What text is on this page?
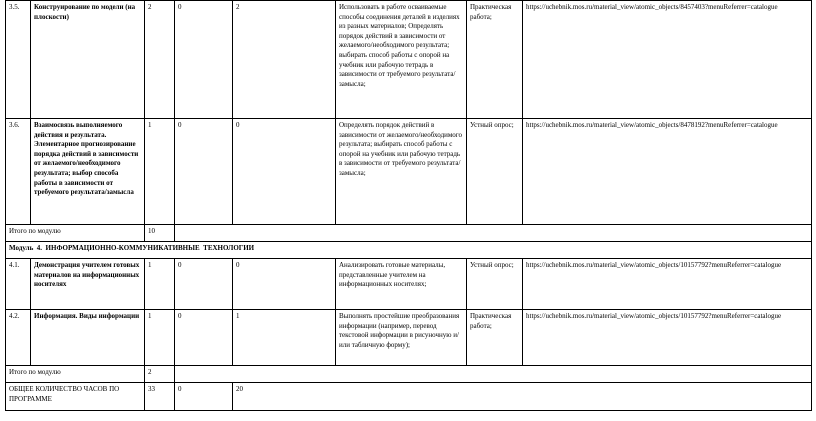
3.5.	Конструирование по модели (на плоскости)	2	0	2	Использовать в работе осваиваемые способы соединения деталей в изделиях из разных материалов; Определять порядок действий в зависимости от желаемого/необходимого результата; выбирать способ работы с опорой на учебник или рабочую тетрадь в зависимости от требуемого результата/замысла;	Практическая работа;	https://uchebnik.mos.ru/material_view/atomic_objects/8457403?menuReferrer=catalogue
3.6.	Взаимосвязь выполняемого действия и результата. Элементарное прогнозирование порядка действий в зависимости от желаемого/необходимого результата; выбор способа работы в зависимости от требуемого результата/замысла	1	0	0	Определять порядок действий в зависимости от желаемого/необходимого результата; выбирать способ работы с опорой на учебник или рабочую тетрадь в зависимости от требуемого результата/замысла;	Устный опрос;	https://uchebnik.mos.ru/material_view/atomic_objects/8478192?menuReferrer=catalogue
Итого по модулю		10					
Модуль  4.  ИНФОРМАЦИОННО-КОММУНИКАТИВНЫЕ  ТЕХНОЛОГИИ							
4.1.	Демонстрация учителем готовых материалов на информационных носителях	1	0	0	Анализировать готовые материалы, представленные учителем на информационных носителях;	Устный опрос;	https://uchebnik.mos.ru/material_view/atomic_objects/10157792?menuReferrer=catalogue
4.2.	Информация. Виды информации	1	0	1	Выполнять простейшие преобразования информации (например, перевод текстовой информации в рисуночную и/или табличную форму);	Практическая работа;	https://uchebnik.mos.ru/material_view/atomic_objects/10157792?menuReferrer=catalogue
Итого по модулю		2					
ОБЩЕЕ КОЛИЧЕСТВО ЧАСОВ ПО ПРОГРАММЕ		33	0	20			
